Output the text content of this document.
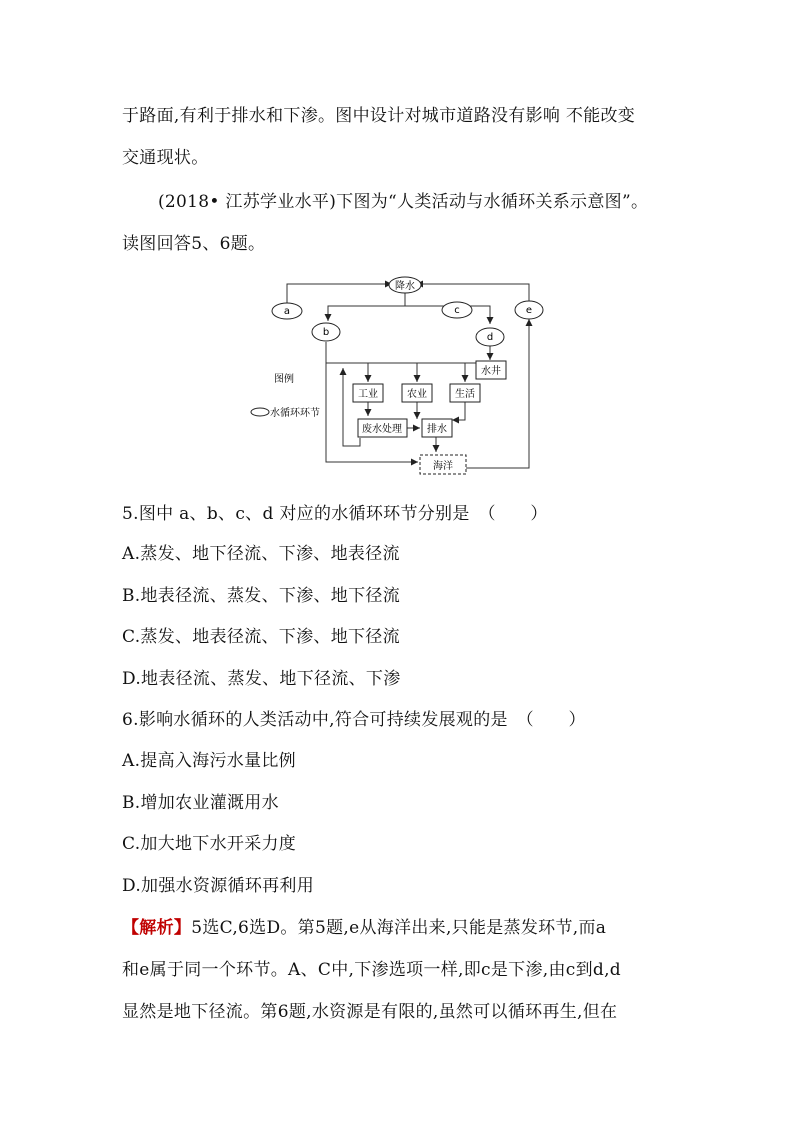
于路面,有利于排水和下渗。图中设计对城市道路没有影响 不能改变
交通现状。
(2018• 江苏学业水平)下图为“人类活动与水循环关系示意图”。
读图回答5、6题。
降水
a
b
c
d
e
水井
工业	农业	生活
废水处理	排水
海洋
图例
水循环环节
5.图中 a、b、c、d 对应的水循环环节分别是　（　　）
A.蒸发、地下径流、下渗、地表径流
B.地表径流、蒸发、下渗、地下径流
C.蒸发、地表径流、下渗、地下径流
D.地表径流、蒸发、地下径流、下渗
6.影响水循环的人类活动中,符合可持续发展观的是　（　　）
A.提高入海污水量比例
B.增加农业灌溉用水
C.加大地下水开采力度
D.加强水资源循环再利用
【解析】5选C,6选D。第5题,e从海洋出来,只能是蒸发环节,而a
和e属于同一个环节。A、C中,下渗选项一样,即c是下渗,由c到d,d
显然是地下径流。第6题,水资源是有限的,虽然可以循环再生,但在
